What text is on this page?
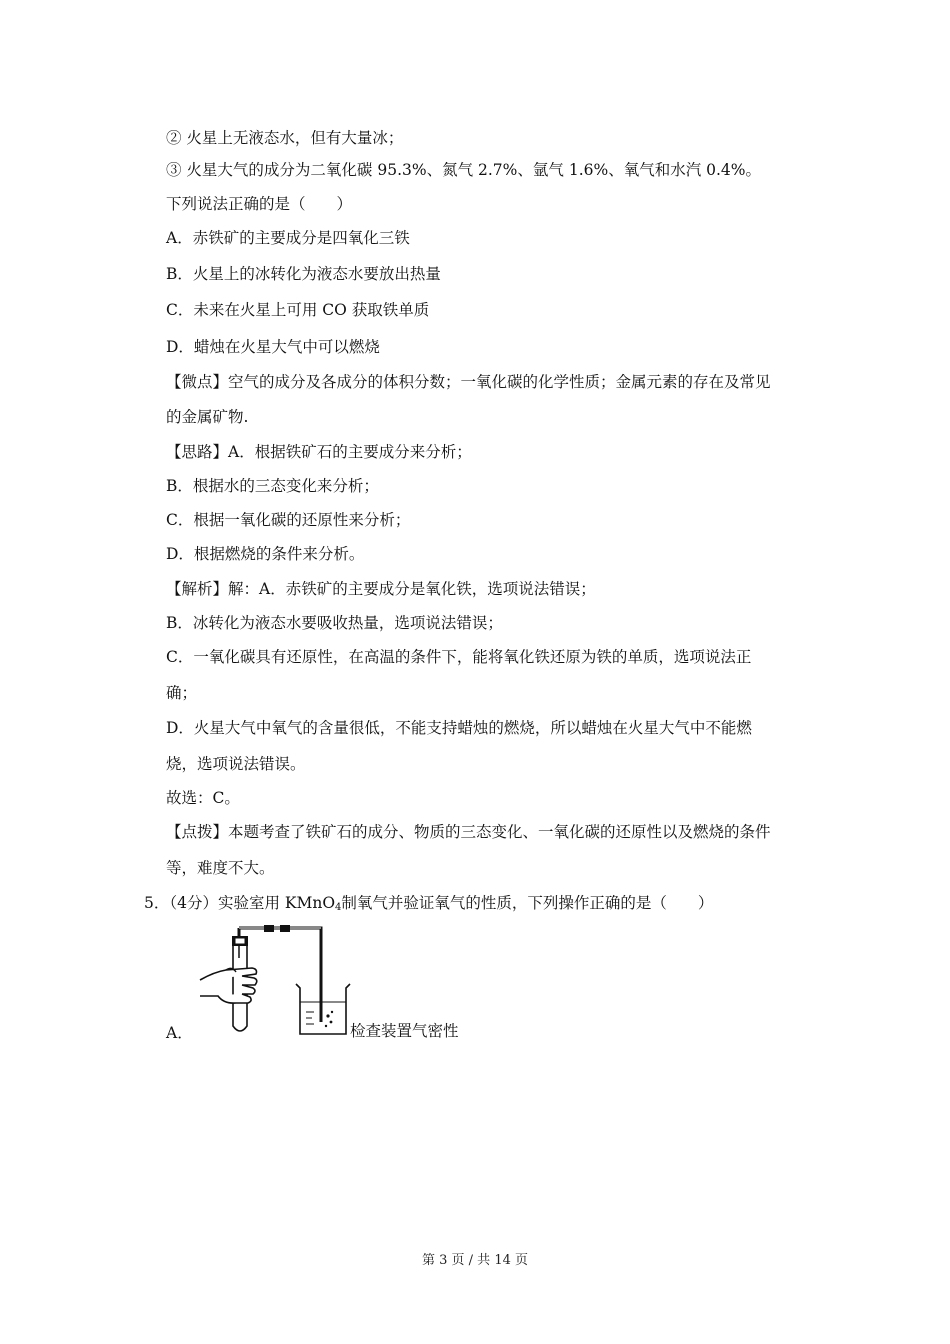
② 火星上无液态水，但有大量冰；
③ 火星大气的成分为二氧化碳 95.3%、氮气 2.7%、氩气 1.6%、氧气和水汽 0.4%。
下列说法正确的是（　　）
A．赤铁矿的主要成分是四氧化三铁
B．火星上的冰转化为液态水要放出热量
C．未来在火星上可用 CO 获取铁单质
D．蜡烛在火星大气中可以燃烧
【微点】空气的成分及各成分的体积分数；一氧化碳的化学性质；金属元素的存在及常见
的金属矿物.
【思路】A．根据铁矿石的主要成分来分析；
B．根据水的三态变化来分析；
C．根据一氧化碳的还原性来分析；
D．根据燃烧的条件来分析。
【解析】解：A．赤铁矿的主要成分是氧化铁，选项说法错误；
B．冰转化为液态水要吸收热量，选项说法错误；
C．一氧化碳具有还原性，在高温的条件下，能将氧化铁还原为铁的单质，选项说法正
确；
D．火星大气中氧气的含量很低，不能支持蜡烛的燃烧，所以蜡烛在火星大气中不能燃
烧，选项说法错误。
故选：C。
【点拨】本题考查了铁矿石的成分、物质的三态变化、一氧化碳的还原性以及燃烧的条件
等，难度不大。
5．（4分）实验室用 KMnO$_4$制氧气并验证氧气的性质，下列操作正确的是（　　）
A．	检查装置气密性
第 3 页 / 共 14 页
